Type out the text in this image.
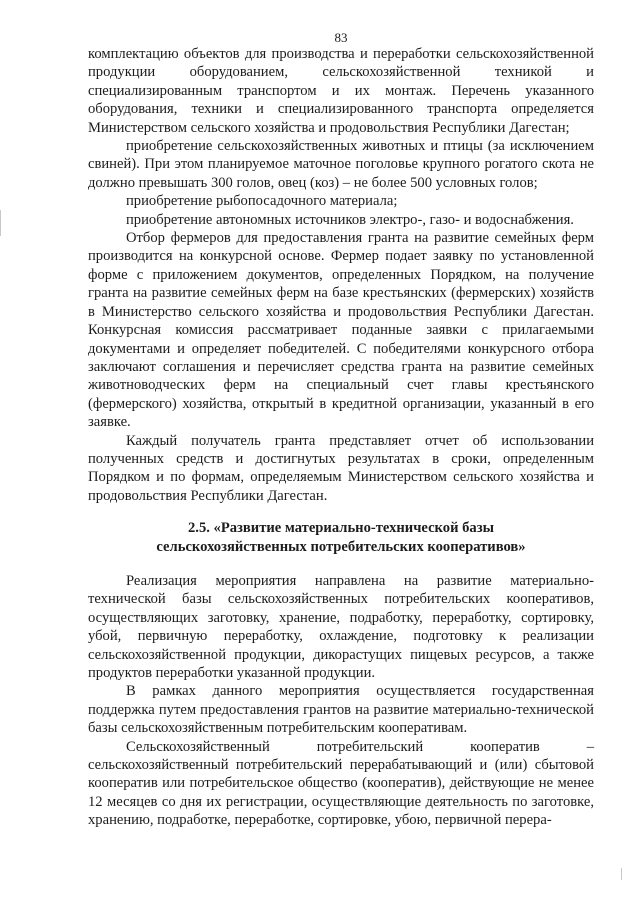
83

комплектацию объектов для производства и переработки сельскохозяйственной продукции оборудованием, сельскохозяйственной техникой и специализированным транспортом и их монтаж. Перечень указанного оборудования, техники и специализированного транспорта определяется Министерством сельского хозяйства и продовольствия Республики Дагестан;

приобретение сельскохозяйственных животных и птицы (за исключением свиней). При этом планируемое маточное поголовье крупного рогатого скота не должно превышать 300 голов, овец (коз) – не более 500 условных голов;

приобретение рыбопосадочного материала;

приобретение автономных источников электро-, газо- и водоснабжения.

Отбор фермеров для предоставления гранта на развитие семейных ферм производится на конкурсной основе. Фермер подает заявку по установленной форме с приложением документов, определенных Порядком, на получение гранта на развитие семейных ферм на базе крестьянских (фермерских) хозяйств в Министерство сельского хозяйства и продовольствия Республики Дагестан. Конкурсная комиссия рассматривает поданные заявки с прилагаемыми документами и определяет победителей. С победителями конкурсного отбора заключают соглашения и перечисляет средства гранта на развитие семейных животноводческих ферм на специальный счет главы крестьянского (фермерского) хозяйства, открытый в кредитной организации, указанный в его заявке.

Каждый получатель гранта представляет отчет об использовании полученных средств и достигнутых результатах в сроки, определенным Порядком и по формам, определяемым Министерством сельского хозяйства и продовольствия Республики Дагестан.

2.5. «Развитие материально-технической базы
сельскохозяйственных потребительских кооперативов»

Реализация мероприятия направлена на развитие материально-технической базы сельскохозяйственных потребительских кооперативов, осуществляющих заготовку, хранение, подработку, переработку, сортировку, убой, первичную переработку, охлаждение, подготовку к реализации сельскохозяйственной продукции, дикорастущих пищевых ресурсов, а также продуктов переработки указанной продукции.

В рамках данного мероприятия осуществляется государственная поддержка путем предоставления грантов на развитие материально-технической базы сельскохозяйственным потребительским кооперативам.

Сельскохозяйственный потребительский кооператив – сельскохозяйственный потребительский перерабатывающий и (или) сбытовой кооператив или потребительское общество (кооператив), действующие не менее 12 месяцев со дня их регистрации, осуществляющие деятельность по заготовке, хранению, подработке, переработке, сортировке, убою, первичной перера-
